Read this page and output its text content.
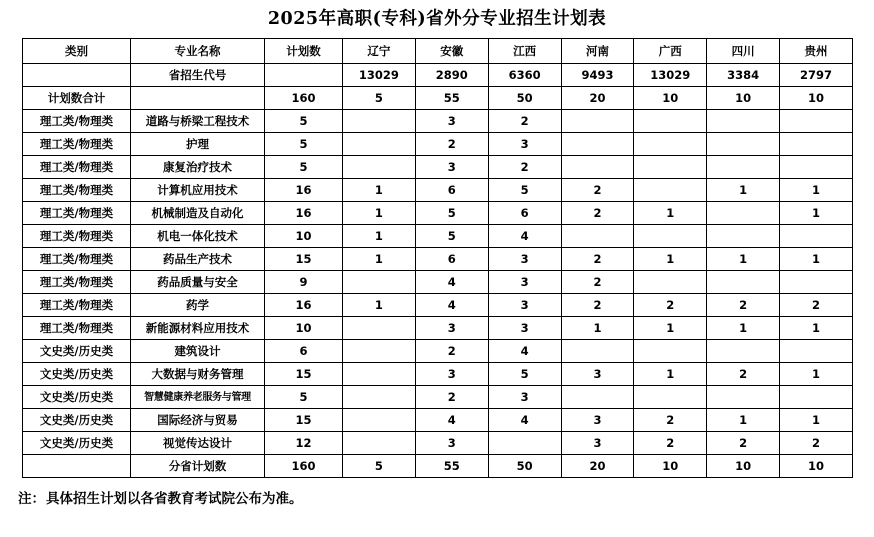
2025年高职(专科)省外分专业招生计划表
类别	专业名称	计划数	辽宁	安徽	江西	河南	广西	四川	贵州
	省招生代号		13029	2890	6360	9493	13029	3384	2797
计划数合计		160	5	55	50	20	10	10	10
理工类/物理类	道路与桥梁工程技术	5		3	2				
理工类/物理类	护理	5		2	3				
理工类/物理类	康复治疗技术	5		3	2				
理工类/物理类	计算机应用技术	16	1	6	5	2		1	1
理工类/物理类	机械制造及自动化	16	1	5	6	2	1		1
理工类/物理类	机电一体化技术	10	1	5	4				
理工类/物理类	药品生产技术	15	1	6	3	2	1	1	1
理工类/物理类	药品质量与安全	9		4	3	2			
理工类/物理类	药学	16	1	4	3	2	2	2	2
理工类/物理类	新能源材料应用技术	10		3	3	1	1	1	1
文史类/历史类	建筑设计	6		2	4				
文史类/历史类	大数据与财务管理	15		3	5	3	1	2	1
文史类/历史类	智慧健康养老服务与管理	5		2	3				
文史类/历史类	国际经济与贸易	15		4	4	3	2	1	1
文史类/历史类	视觉传达设计	12		3		3	2	2	2
	分省计划数	160	5	55	50	20	10	10	10
注：具体招生计划以各省教育考试院公布为准。
